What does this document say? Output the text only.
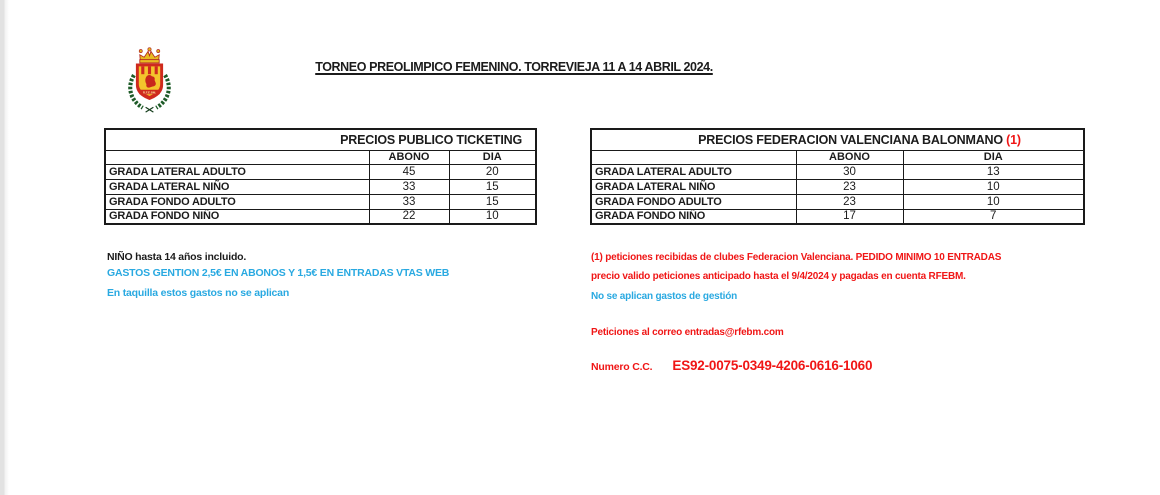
R.F.E.BM.
TORNEO PREOLIMPICO FEMENINO. TORREVIEJA 11 A 14 ABRIL 2024.
PRECIOS PUBLICO TICKETING		
	ABONO	DIA
GRADA LATERAL ADULTO	45	20
GRADA LATERAL NIÑO	33	15
GRADA FONDO ADULTO	33	15
GRADA FONDO NIÑO	22	10
PRECIOS FEDERACION VALENCIANA BALONMANO (1)		
	ABONO	DIA
GRADA LATERAL ADULTO	30	13
GRADA LATERAL NIÑO	23	10
GRADA FONDO ADULTO	23	10
GRADA FONDO NIÑO	17	7
NIÑO hasta 14 años incluido.
GASTOS GENTION 2,5€ EN ABONOS Y 1,5€ EN ENTRADAS VTAS WEB
En taquilla estos gastos no se aplican
(1) peticiones recibidas de clubes Federacion Valenciana. PEDIDO MINIMO 10 ENTRADAS
precio valido peticiones anticipado hasta el 9/4/2024 y pagadas en cuenta RFEBM.
No se aplican gastos de gestión
Peticiones al correo entradas@rfebm.com
Numero C.C. ES92-0075-0349-4206-0616-1060
